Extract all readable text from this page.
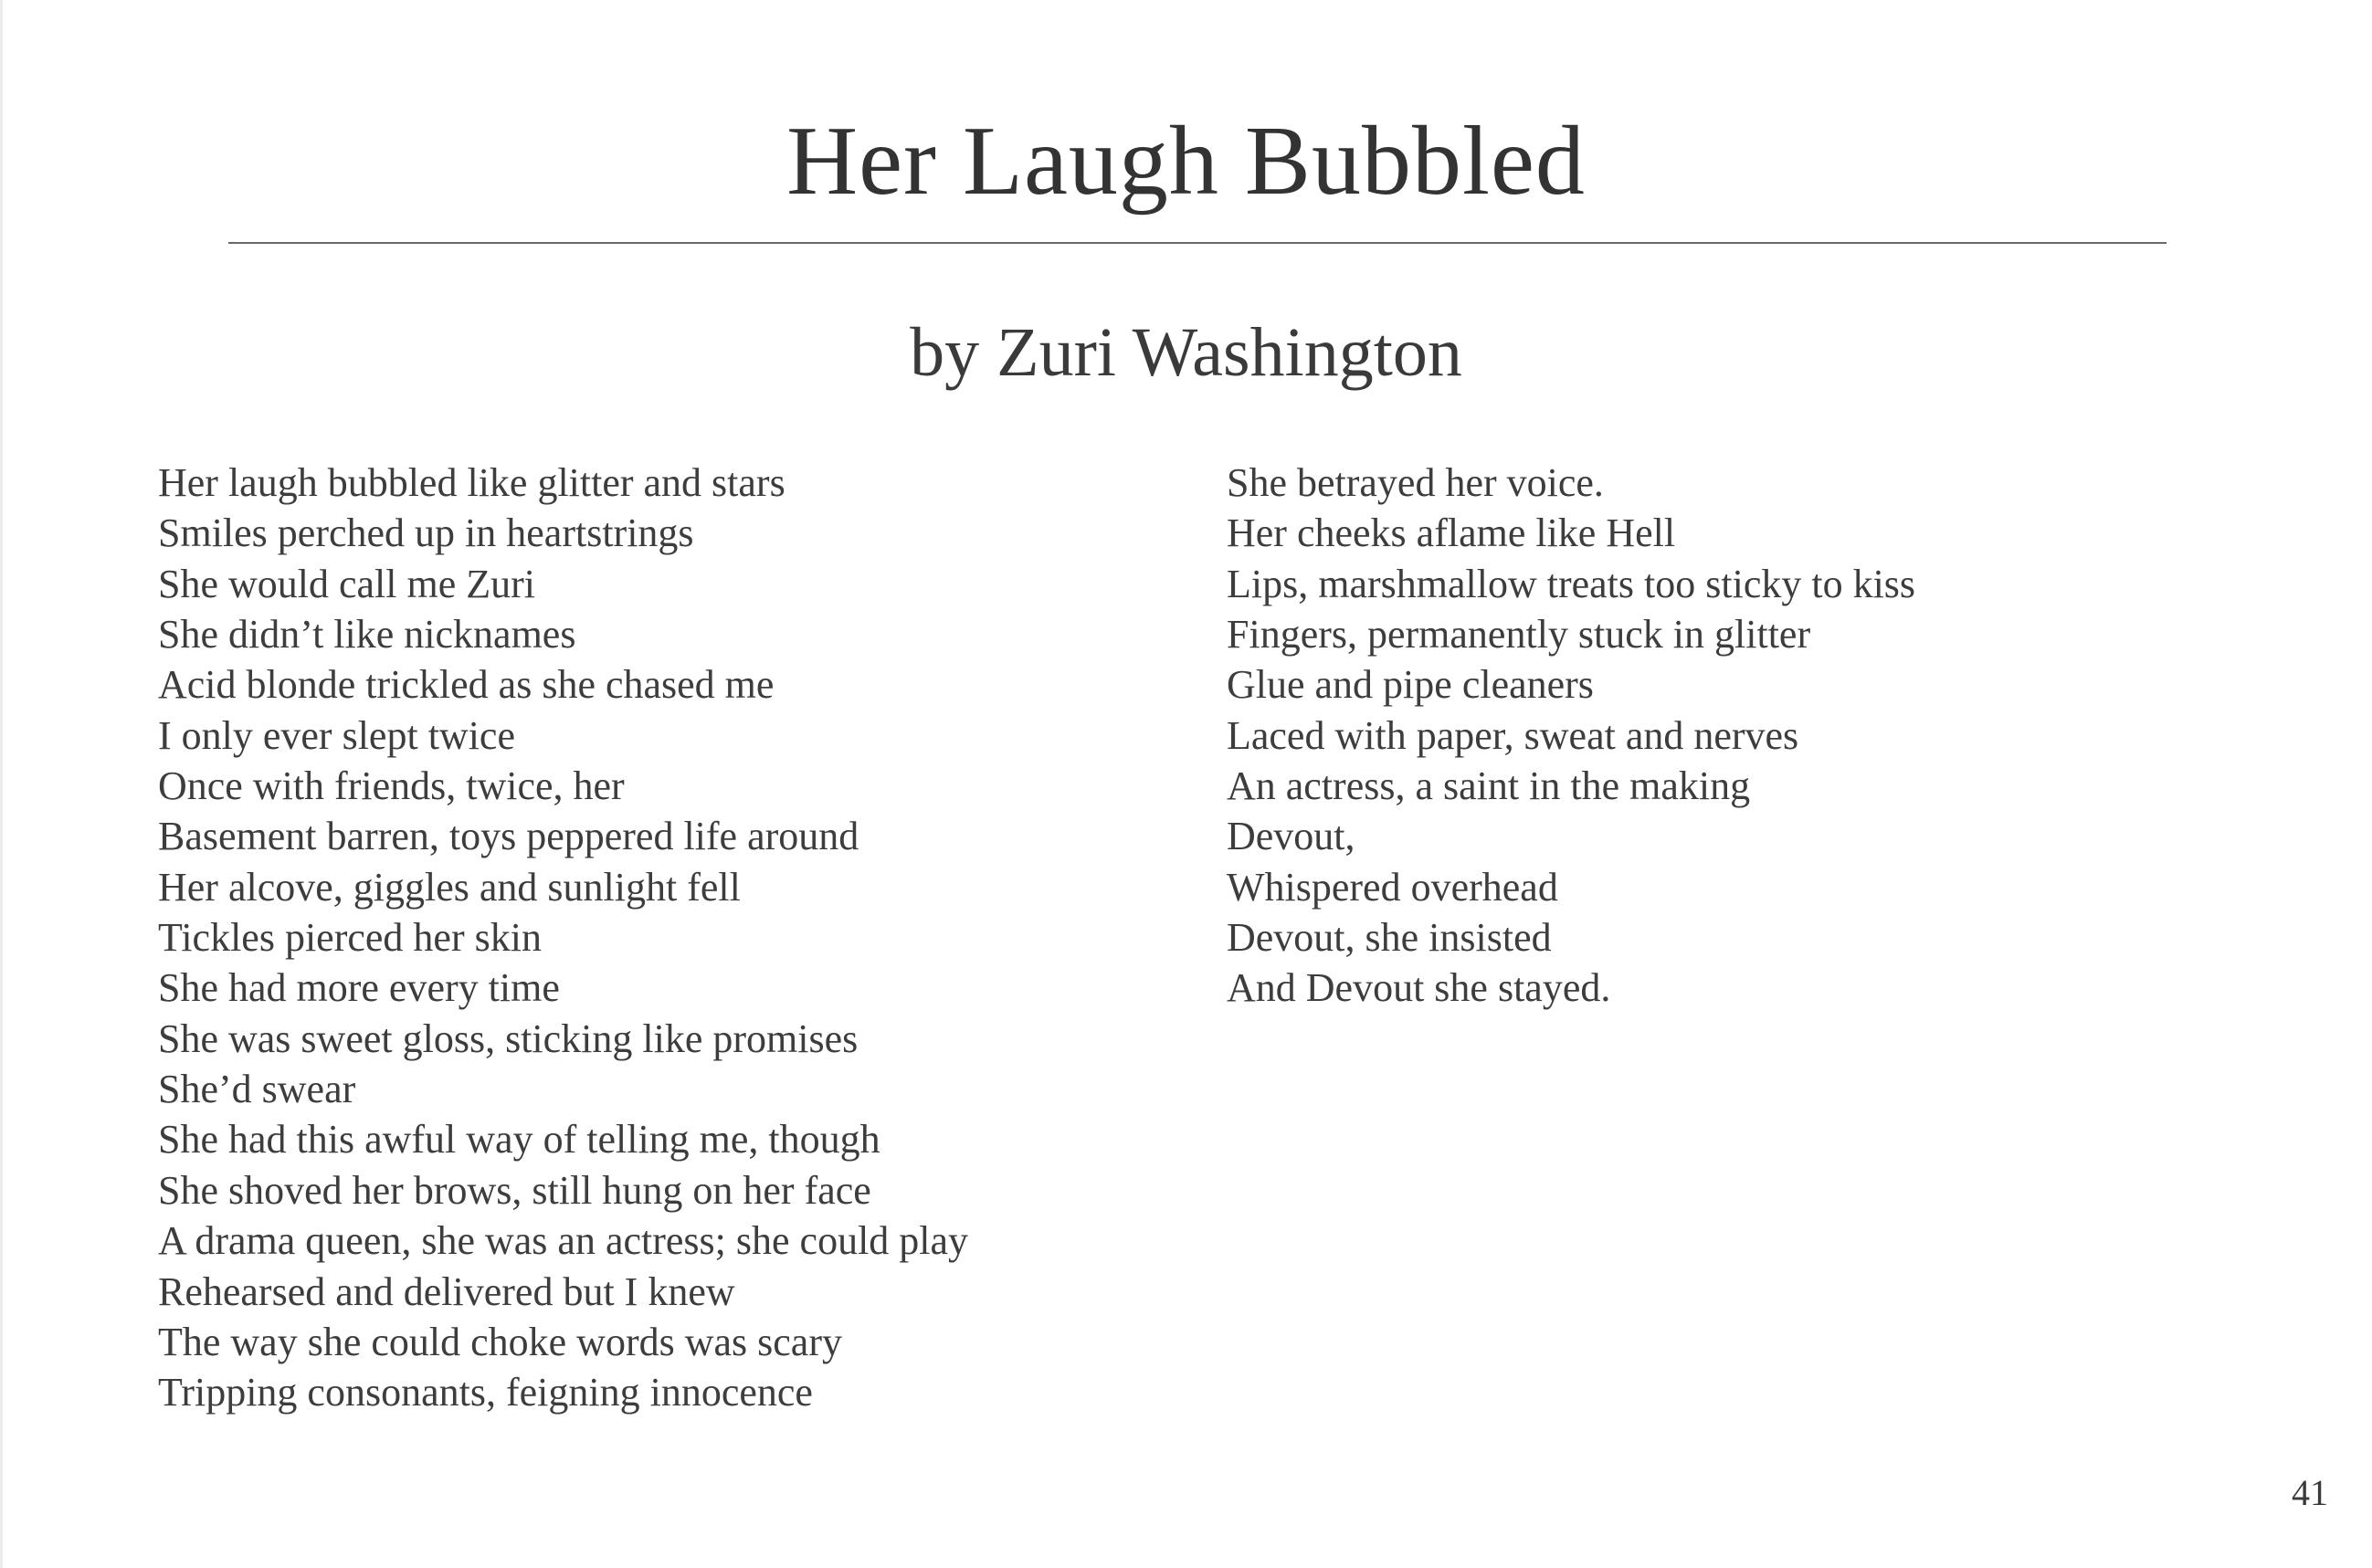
Her Laugh Bubbled
by Zuri Washington
Her laugh bubbled like glitter and stars
Smiles perched up in heartstrings
She would call me Zuri
She didn’t like nicknames
Acid blonde trickled as she chased me
I only ever slept twice
Once with friends, twice, her
Basement barren, toys peppered life around
Her alcove, giggles and sunlight fell
Tickles pierced her skin
She had more every time
She was sweet gloss, sticking like promises
She’d swear
She had this awful way of telling me, though
She shoved her brows, still hung on her face
A drama queen, she was an actress; she could play
Rehearsed and delivered but I knew
The way she could choke words was scary
Tripping consonants, feigning innocence
She betrayed her voice.
Her cheeks aflame like Hell
Lips, marshmallow treats too sticky to kiss
Fingers, permanently stuck in glitter
Glue and pipe cleaners
Laced with paper, sweat and nerves
An actress, a saint in the making
Devout,
Whispered overhead
Devout, she insisted
And Devout she stayed.
41
